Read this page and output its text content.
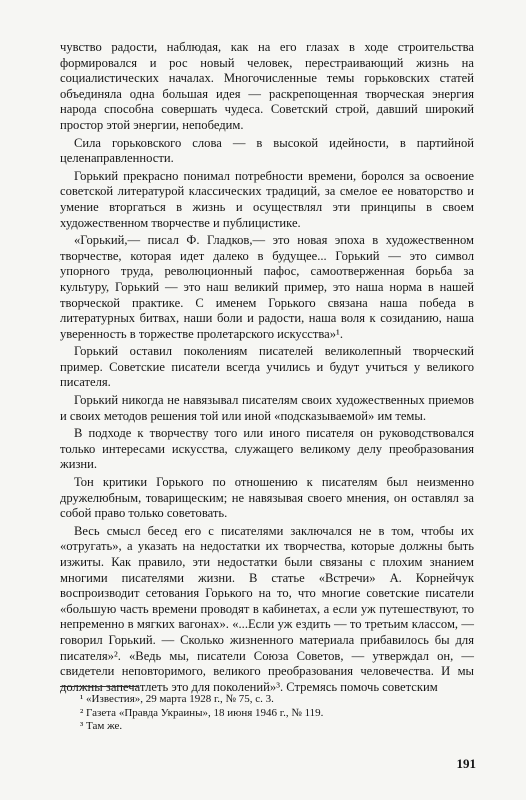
чувство радости, наблюдая, как на его глазах в ходе строительства формировался и рос новый человек, перестраивающий жизнь на социалистических началах. Многочисленные темы горьковских статей объединяла одна большая идея — раскрепощенная творческая энергия народа способна совершать чудеса. Советский строй, давший широкий простор этой энергии, непобедим.

Сила горьковского слова — в высокой идейности, в партийной целенаправленности.

Горький прекрасно понимал потребности времени, боролся за освоение советской литературой классических традиций, за смелое ее новаторство и умение вторгаться в жизнь и осуществлял эти принципы в своем художественном творчестве и публицистике.

«Горький,— писал Ф. Гладков,— это новая эпоха в художественном творчестве, которая идет далеко в будущее... Горький — это символ упорного труда, революционный пафос, самоотверженная борьба за культуру, Горький — это наш великий пример, это наша норма в нашей творческой практике. С именем Горького связана наша победа в литературных битвах, наши боли и радости, наша воля к созиданию, наша уверенность в торжестве пролетарского искусства»¹.

Горький оставил поколениям писателей великолепный творческий пример. Советские писатели всегда учились и будут учиться у великого писателя.

Горький никогда не навязывал писателям своих художественных приемов и своих методов решения той или иной «подсказываемой» им темы.

В подходе к творчеству того или иного писателя он руководствовался только интересами искусства, служащего великому делу преобразования жизни.

Тон критики Горького по отношению к писателям был неизменно дружелюбным, товарищеским; не навязывая своего мнения, он оставлял за собой право только советовать.

Весь смысл бесед его с писателями заключался не в том, чтобы их «отругать», а указать на недостатки их творчества, которые должны быть изжиты. Как правило, эти недостатки были связаны с плохим знанием многими писателями жизни. В статье «Встречи» А. Корнейчук воспроизводит сетования Горького на то, что многие советские писатели «большую часть времени проводят в кабинетах, а если уж путешествуют, то непременно в мягких вагонах». «...Если уж ездить — то третьим классом, — говорил Горький. — Сколько жизненного материала прибавилось бы для писателя»². «Ведь мы, писатели Союза Советов, — утверждал он, — свидетели неповторимого, великого преобразования человечества. И мы должны запечатлеть это для поколений»³. Стремясь помочь советским

¹ «Известия», 29 марта 1928 г., № 75, с. 3.
² Газета «Правда Украины», 18 июня 1946 г., № 119.
³ Там же.
191
